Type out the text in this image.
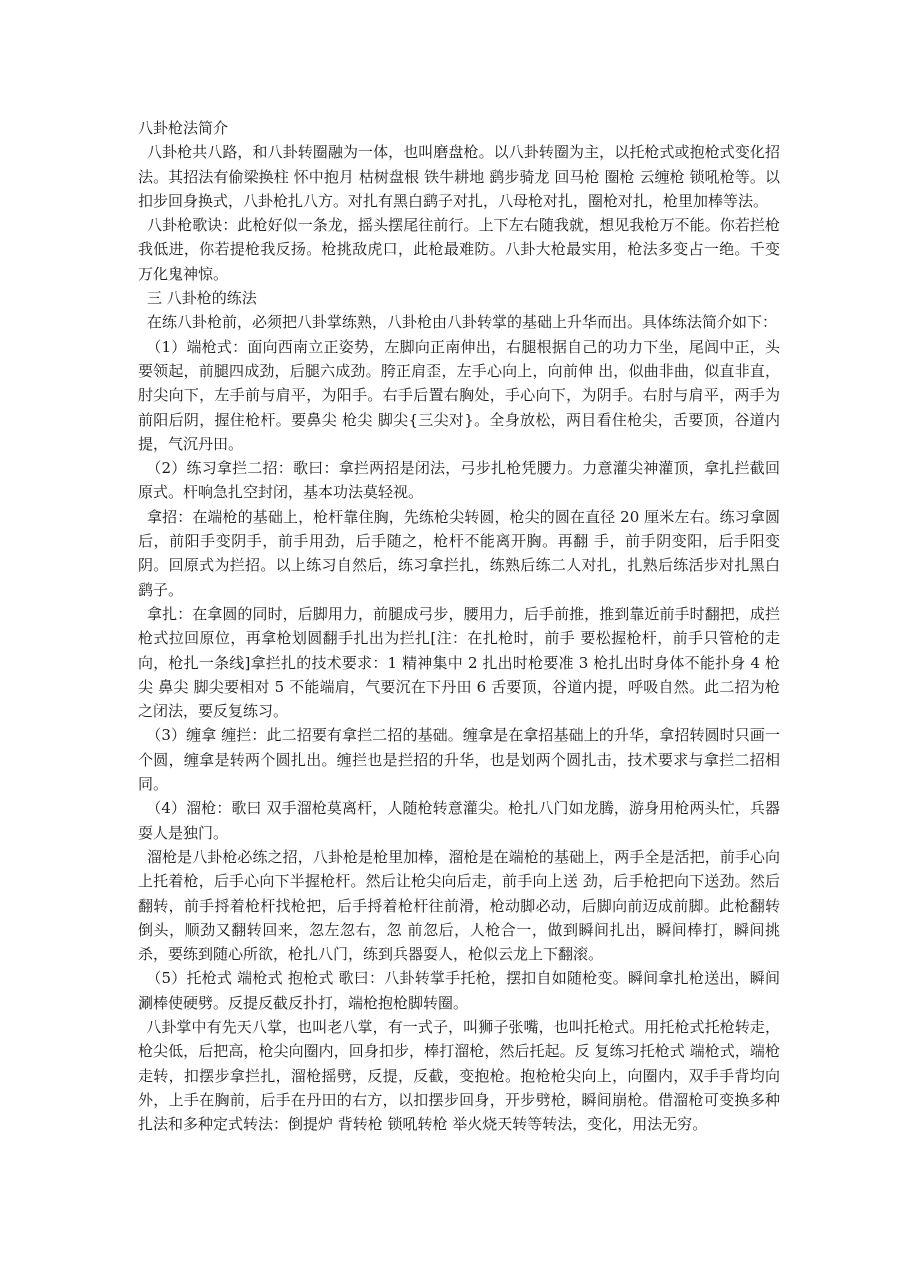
八卦枪法简介

八卦枪共八路，和八卦转圈融为一体，也叫磨盘枪。以八卦转圈为主，以托枪式或抱枪式变化招法。其招法有偷梁换柱 怀中抱月 枯树盘根 铁牛耕地 鹞步骑龙 回马枪 圈枪 云缠枪 锁吼枪等。以扣步回身换式，八卦枪扎八方。对扎有黑白鹞子对扎，八母枪对扎，圈枪对扎，枪里加棒等法。

八卦枪歌诀：此枪好似一条龙，摇头摆尾往前行。上下左右随我就，想见我枪万不能。你若拦枪我低进，你若提枪我反扬。枪挑敌虎口，此枪最难防。八卦大枪最实用，枪法多变占一绝。千变万化鬼神惊。

三 八卦枪的练法

在练八卦枪前，必须把八卦掌练熟，八卦枪由八卦转掌的基础上升华而出。具体练法简介如下：

（1）端枪式：面向西南立正姿势，左脚向正南伸出，右腿根据自己的功力下坐，尾闾中正，头要领起，前腿四成劲，后腿六成劲。胯正肩歪，左手心向上，向前伸 出，似曲非曲，似直非直，肘尖向下，左手前与肩平，为阳手。右手后置右胸处，手心向下，为阴手。右肘与肩平，两手为前阳后阴，握住枪杆。要鼻尖 枪尖 脚尖{三尖对}。全身放松，两目看住枪尖，舌要顶，谷道内提，气沉丹田。

（2）练习拿拦二招：歌曰：拿拦两招是闭法，弓步扎枪凭腰力。力意灌尖神灌顶，拿扎拦截回原式。杆响急扎空封闭，基本功法莫轻视。

拿招：在端枪的基础上，枪杆靠住胸，先练枪尖转圆，枪尖的圆在直径 20 厘米左右。练习拿圆后，前阳手变阴手，前手用劲，后手随之，枪杆不能离开胸。再翻 手，前手阴变阳，后手阳变阴。回原式为拦招。以上练习自然后，练习拿拦扎，练熟后练二人对扎，扎熟后练活步对扎黑白鹞子。

拿扎：在拿圆的同时，后脚用力，前腿成弓步，腰用力，后手前推，推到靠近前手时翻把，成拦枪式拉回原位，再拿枪划圆翻手扎出为拦扎[注：在扎枪时，前手 要松握枪杆，前手只管枪的走向，枪扎一条线]拿拦扎的技术要求：1 精神集中 2 扎出时枪要准 3 枪扎出时身体不能扑身 4 枪尖 鼻尖 脚尖要相对 5 不能端肩，气要沉在下丹田 6 舌要顶，谷道内提，呼吸自然。此二招为枪之闭法，要反复练习。

（3）缠拿 缠拦：此二招要有拿拦二招的基础。缠拿是在拿招基础上的升华，拿招转圆时只画一个圆，缠拿是转两个圆扎出。缠拦也是拦招的升华，也是划两个圆扎击，技术要求与拿拦二招相同。

（4）溜枪：歌曰 双手溜枪莫离杆，人随枪转意灌尖。枪扎八门如龙腾，游身用枪两头忙，兵器耍人是独门。

溜枪是八卦枪必练之招，八卦枪是枪里加棒，溜枪是在端枪的基础上，两手全是活把，前手心向上托着枪，后手心向下半握枪杆。然后让枪尖向后走，前手向上送 劲，后手枪把向下送劲。然后翻转，前手捋着枪杆找枪把，后手捋着枪杆往前滑，枪动脚必动，后脚向前迈成前脚。此枪翻转倒头，顺劲又翻转回来，忽左忽右，忽 前忽后，人枪合一，做到瞬间扎出，瞬间棒打，瞬间挑杀，要练到随心所欲，枪扎八门，练到兵器耍人，枪似云龙上下翻滚。

（5）托枪式 端枪式 抱枪式 歌曰：八卦转掌手托枪，摆扣自如随枪变。瞬间拿扎枪送出，瞬间涮棒使硬劈。反提反截反扑打，端枪抱枪脚转圈。

八卦掌中有先天八掌，也叫老八掌，有一式子，叫狮子张嘴，也叫托枪式。用托枪式托枪转走，枪尖低，后把高，枪尖向圈内，回身扣步，棒打溜枪，然后托起。反 复练习托枪式 端枪式，端枪走转，扣摆步拿拦扎，溜枪摇劈，反提，反截，变抱枪。抱枪枪尖向上，向圈内，双手手背均向外，上手在胸前，后手在丹田的右方，以扣摆步回身，开步劈枪，瞬间崩枪。借溜枪可变换多种扎法和多种定式转法：倒提炉 背转枪 锁吼转枪 举火烧天转等转法，变化，用法无穷。
